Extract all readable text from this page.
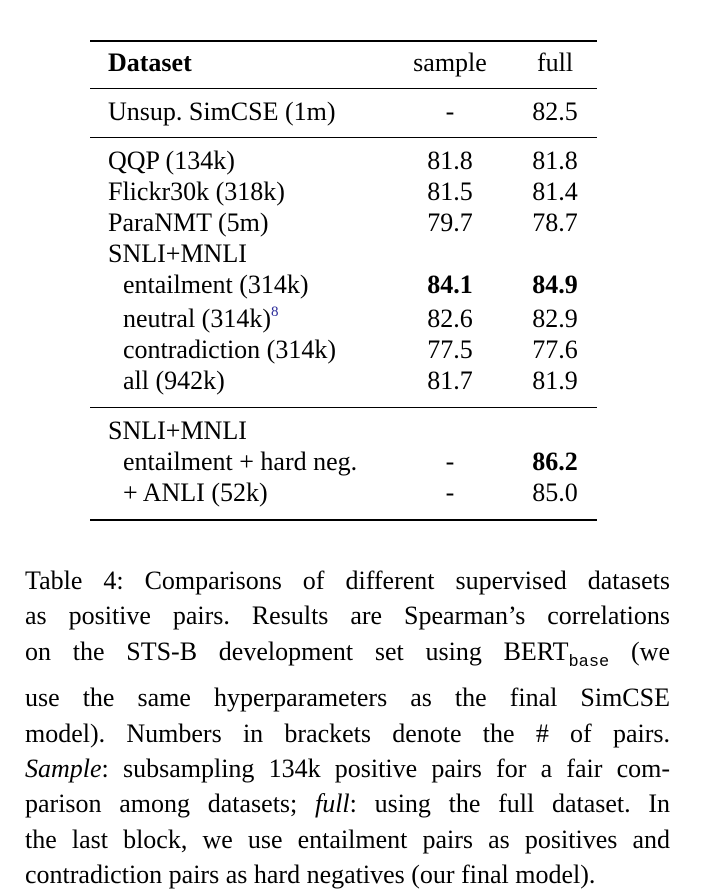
Dataset	sample	full
Unsup. SimCSE (1m)	-	82.5
QQP (134k)	81.8	81.8
Flickr30k (318k)	81.5	81.4
ParaNMT (5m)	79.7	78.7
SNLI+MNLI
entailment (314k)	84.1	84.9
neutral $(314k)^8$	82.6	82.9
contradiction (314k)	77.5	77.6
all (942k)	81.7	81.9
SNLI+MNLI
entailment + hard neg.	-	86.2
+ ANLI (52k)	-	85.0
Table 4: Comparisons of different supervised datasets
as positive pairs. Results are Spearman’s correlations
on the STS-B development set using $BERT_{base}$ (we
use the same hyperparameters as the final SimCSE
model). Numbers in brackets denote the # of pairs.
Sample: subsampling 134k positive pairs for a fair com-
parison among datasets; full: using the full dataset. In
the last block, we use entailment pairs as positives and
contradiction pairs as hard negatives (our final model).
